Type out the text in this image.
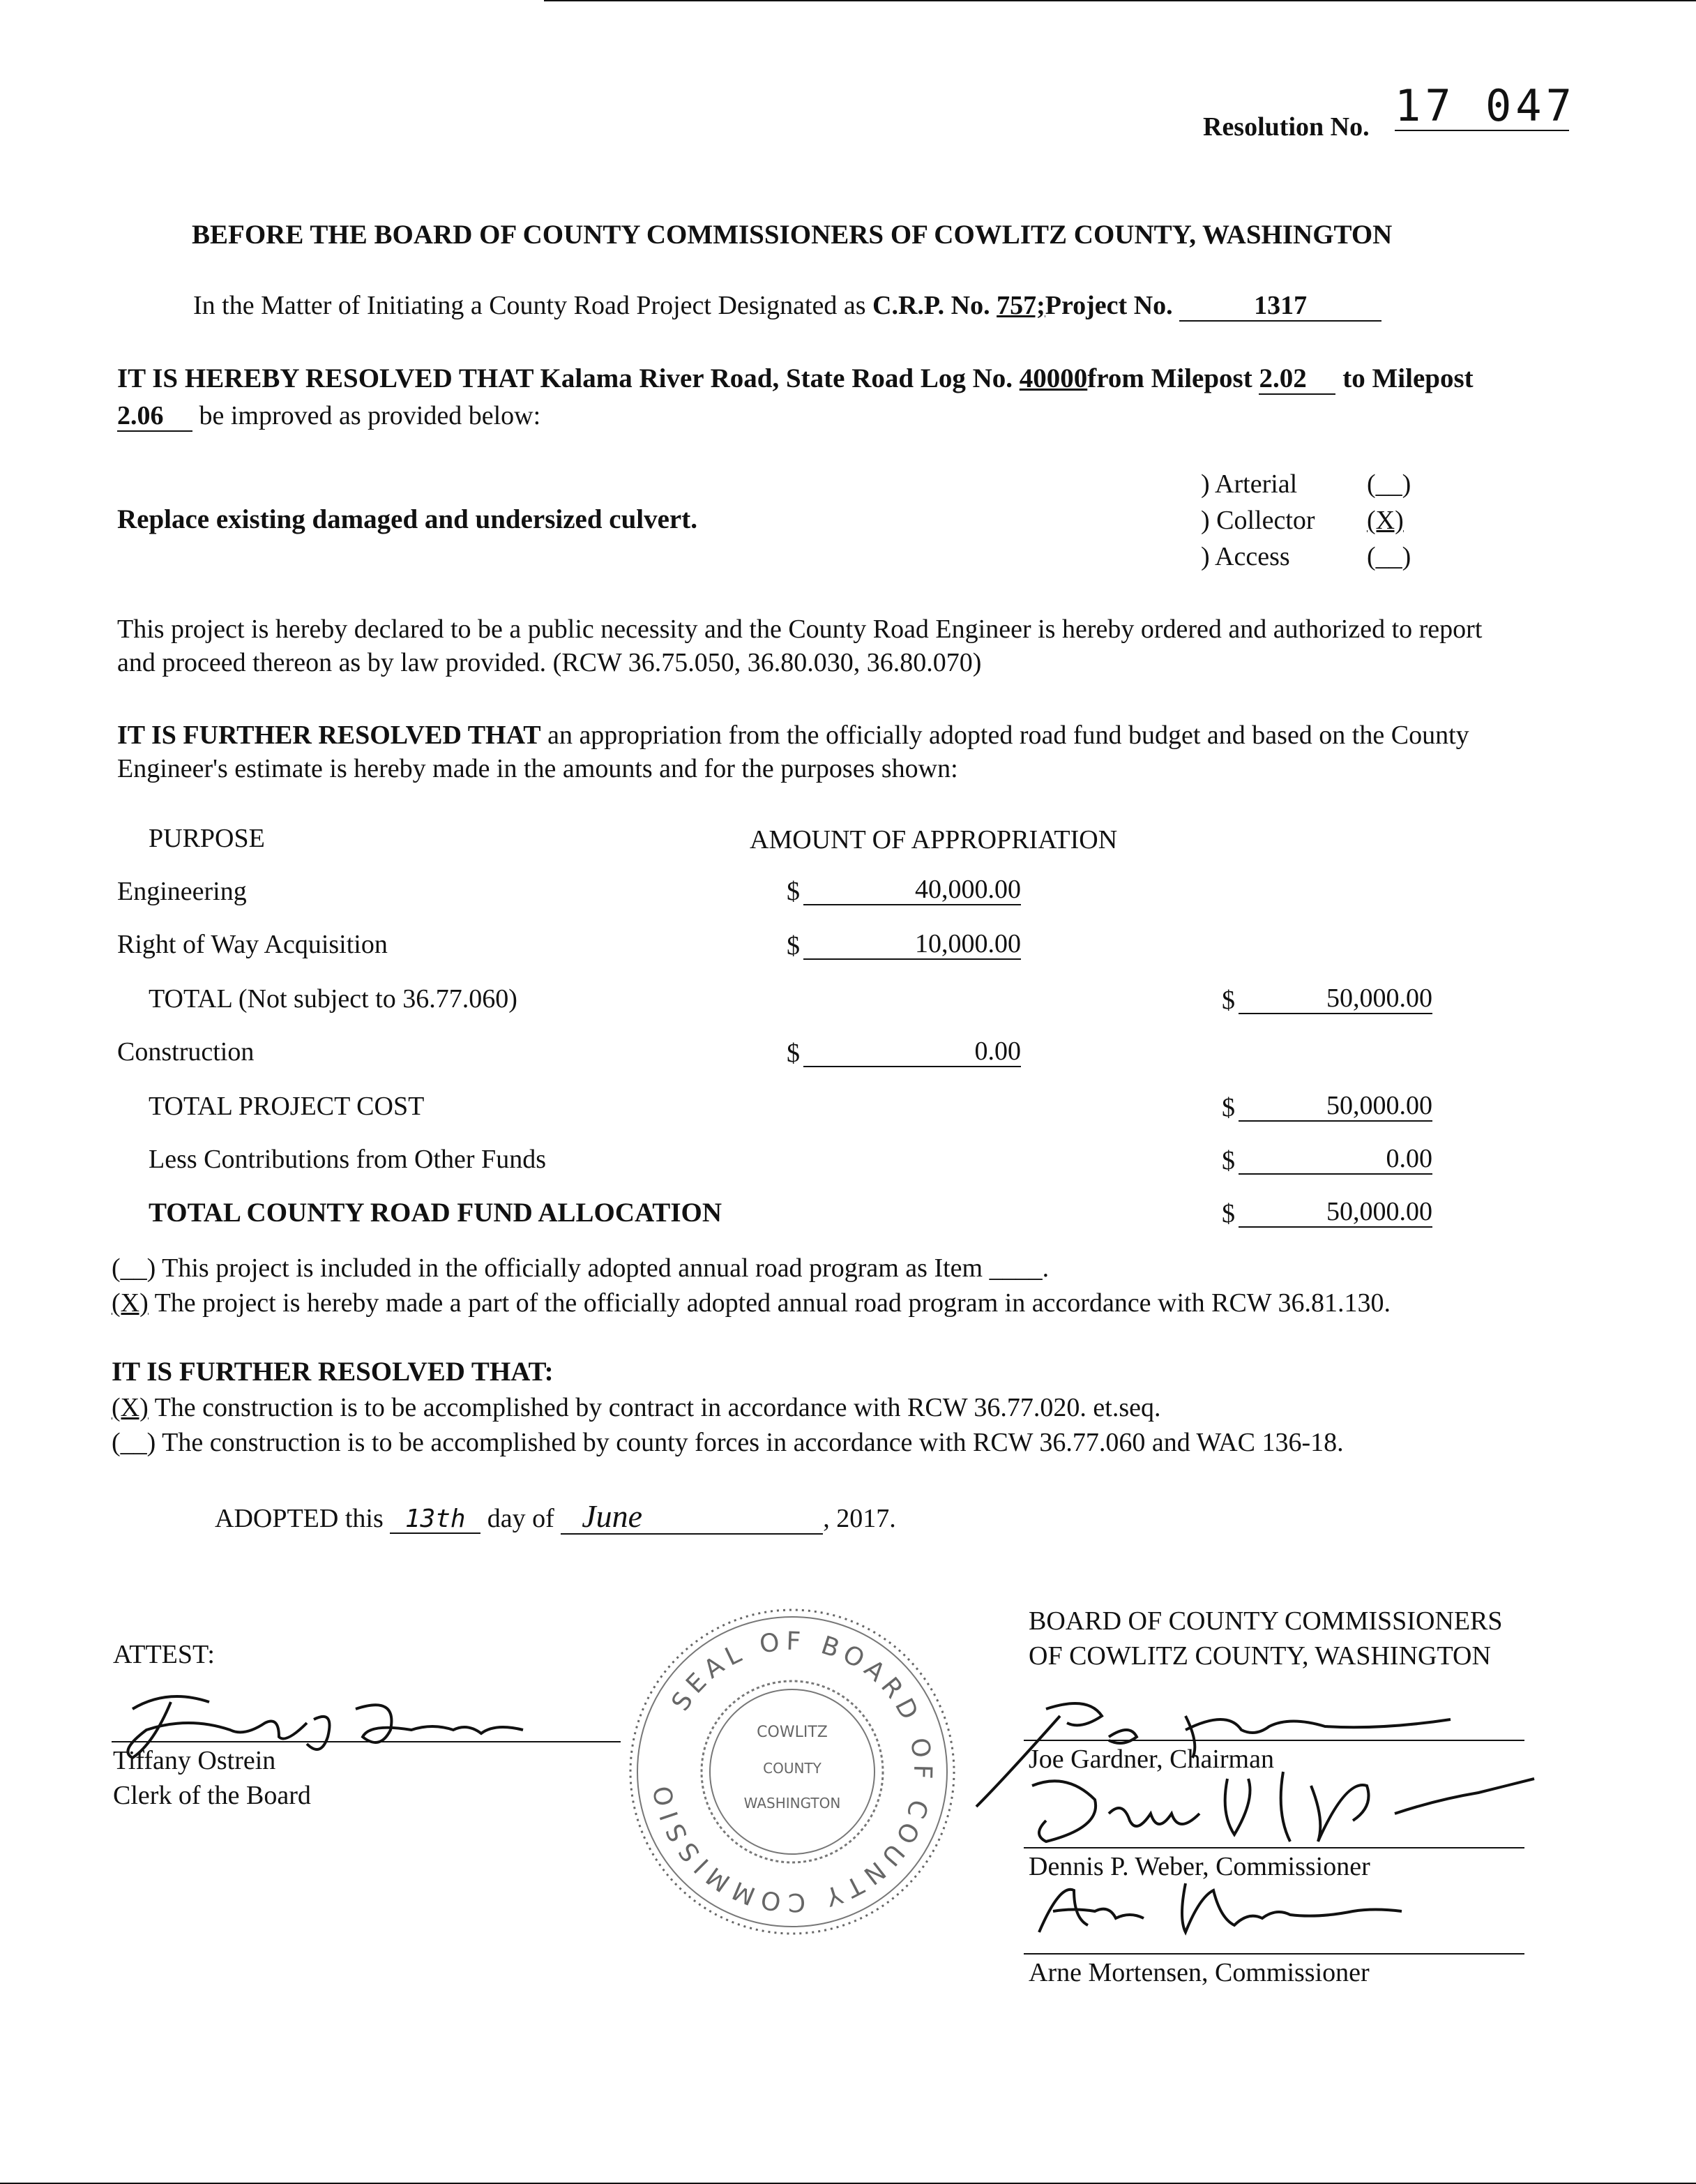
Resolution No. 17 047
BEFORE THE BOARD OF COUNTY COMMISSIONERS OF COWLITZ COUNTY, WASHINGTON
In the Matter of Initiating a County Road Project Designated as C.R.P. No. 757;Project No.	1317
IT IS HEREBY RESOLVED THAT Kalama River Road, State Road Log No. 40000from Milepost 2.02 to Milepost
2.06 be improved as provided below:
Replace existing damaged and undersized culvert.
) Arterial	(__)
) Collector (X)
) Access	(__)
This project is hereby declared to be a public necessity and the County Road Engineer is hereby ordered and authorized to report
and proceed thereon as by law provided. (RCW 36.75.050, 36.80.030, 36.80.070)
IT IS FURTHER RESOLVED THAT an appropriation from the officially adopted road fund budget and based on the County
Engineer's estimate is hereby made in the amounts and for the purposes shown:
PURPOSE	AMOUNT OF APPROPRIATION
Engineering	$	40,000.00
Right of Way Acquisition	$	10,000.00
TOTAL (Not subject to 36.77.060)	$	50,000.00
Construction	$	0.00
TOTAL PROJECT COST	$	50,000.00
Less Contributions from Other Funds	$	0.00
TOTAL COUNTY ROAD FUND ALLOCATION	$	50,000.00
(__) This project is included in the officially adopted annual road program as Item ____.
(X) The project is hereby made a part of the officially adopted annual road program in accordance with RCW 36.81.130.
IT IS FURTHER RESOLVED THAT:
(X) The construction is to be accomplished by contract in accordance with RCW 36.77.020. et.seq.
(__) The construction is to be accomplished by county forces in accordance with RCW 36.77.060 and WAC 136-18.
ADOPTED this 13th day of June	, 2017.
ATTEST:
Tiffany Ostrein
Clerk of the Board
SEAL OF BOARD OF COUNTY COMMISSIONERS
COWLITZ
COUNTY
WASHINGTON
BOARD OF COUNTY COMMISSIONERS
OF COWLITZ COUNTY, WASHINGTON
Joe Gardner, Chairman
Dennis P. Weber, Commissioner
Arne Mortensen, Commissioner
